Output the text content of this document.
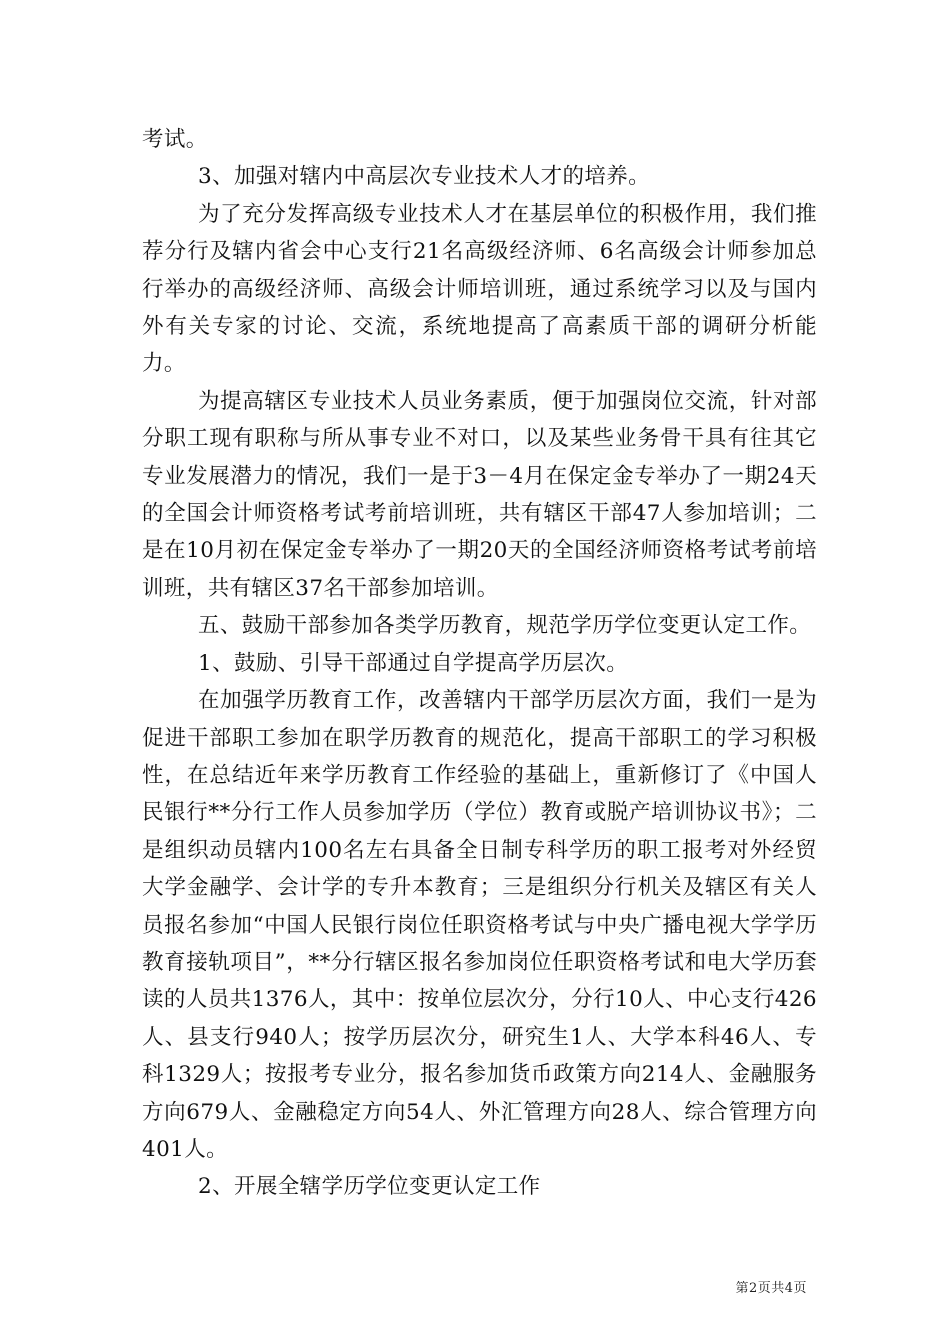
考试。

3、加强对辖内中高层次专业技术人才的培养。

为了充分发挥高级专业技术人才在基层单位的积极作用，我们推荐分行及辖内省会中心支行21名高级经济师、6名高级会计师参加总行举办的高级经济师、高级会计师培训班，通过系统学习以及与国内外有关专家的讨论、交流，系统地提高了高素质干部的调研分析能力。

为提高辖区专业技术人员业务素质，便于加强岗位交流，针对部分职工现有职称与所从事专业不对口，以及某些业务骨干具有往其它专业发展潜力的情况，我们一是于3－4月在保定金专举办了一期24天的全国会计师资格考试考前培训班，共有辖区干部47人参加培训；二是在10月初在保定金专举办了一期20天的全国经济师资格考试考前培训班，共有辖区37名干部参加培训。

五、鼓励干部参加各类学历教育，规范学历学位变更认定工作。

1、鼓励、引导干部通过自学提高学历层次。

在加强学历教育工作，改善辖内干部学历层次方面，我们一是为促进干部职工参加在职学历教育的规范化，提高干部职工的学习积极性，在总结近年来学历教育工作经验的基础上，重新修订了《中国人民银行**分行工作人员参加学历（学位）教育或脱产培训协议书》；二是组织动员辖内100名左右具备全日制专科学历的职工报考对外经贸大学金融学、会计学的专升本教育；三是组织分行机关及辖区有关人员报名参加“中国人民银行岗位任职资格考试与中央广播电视大学学历教育接轨项目”，**分行辖区报名参加岗位任职资格考试和电大学历套读的人员共1376人，其中：按单位层次分，分行10人、中心支行426人、县支行940人；按学历层次分，研究生1人、大学本科46人、专科1329人；按报考专业分，报名参加货币政策方向214人、金融服务方向679人、金融稳定方向54人、外汇管理方向28人、综合管理方向401人。

2、开展全辖学历学位变更认定工作

第2页共4页
